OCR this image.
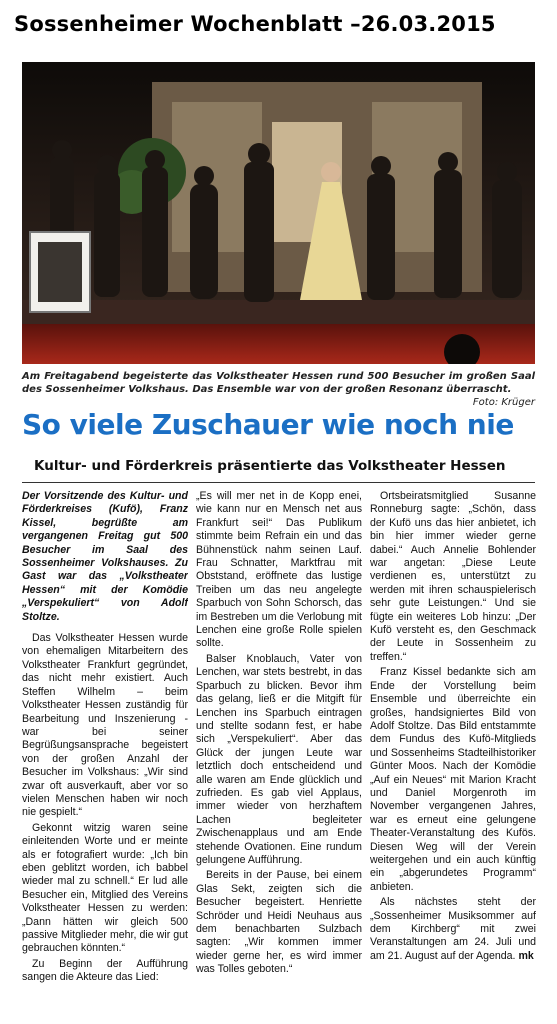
Sossenheimer Wochenblatt –26.03.2015
Am Freitagabend begeisterte das Volkstheater Hessen rund 500 Besucher im großen Saal des Sossenheimer Volkshaus. Das Ensemble war von der großen Resonanz überrascht.
Foto: Krüger
So viele Zuschauer wie noch nie
Kultur- und Förderkreis präsentierte das Volkstheater Hessen

Der Vorsitzende des Kultur- und Förderkreises (Kufö), Franz Kissel, begrüßte am vergangenen Freitag gut 500 Besucher im Saal des Sossenheimer Volkshauses. Zu Gast war das „Volkstheater Hessen“ mit der Komödie „Verspekuliert“ von Adolf Stoltze.

Das Volkstheater Hessen wurde von ehemaligen Mitarbeitern des Volkstheater Frankfurt gegründet, das nicht mehr existiert. Auch Steffen Wilhelm – beim Volkstheater Hessen zuständig für Bearbeitung und Inszenierung - war bei seiner Begrüßungsansprache begeistert von der großen Anzahl der Besucher im Volkshaus: „Wir sind zwar oft ausverkauft, aber vor so vielen Menschen haben wir noch nie gespielt.“

Gekonnt witzig waren seine einleitenden Worte und er meinte als er fotografiert wurde: „Ich bin eben geblitzt worden, ich babbel wieder mal zu schnell.“ Er lud alle Besucher ein, Mitglied des Vereins Volkstheater Hessen zu werden: „Dann hätten wir gleich 500 passive Mitglieder mehr, die wir gut gebrauchen könnten.“

Zu Beginn der Aufführung sangen die Akteure das Lied:

„Es will mer net in de Kopp enei, wie kann nur en Mensch net aus Frankfurt sei!“ Das Publikum stimmte beim Refrain ein und das Bühnenstück nahm seinen Lauf. Frau Schnatter, Marktfrau mit Obststand, eröffnete das lustige Treiben um das neu angelegte Sparbuch von Sohn Schorsch, das im Bestreben um die Verlobung mit Lenchen eine große Rolle spielen sollte.

Balser Knoblauch, Vater von Lenchen, war stets bestrebt, in das Sparbuch zu blicken. Bevor ihm das gelang, ließ er die Mitgift für Lenchen ins Sparbuch eintragen und stellte sodann fest, er habe sich „Verspekuliert“. Aber das Glück der jungen Leute war letztlich doch entscheidend und alle waren am Ende glücklich und zufrieden. Es gab viel Applaus, immer wieder von herzhaftem Lachen begleiteter Zwischenapplaus und am Ende stehende Ovationen. Eine rundum gelungene Aufführung.

Bereits in der Pause, bei einem Glas Sekt, zeigten sich die Besucher begeistert. Henriette Schröder und Heidi Neuhaus aus dem benachbarten Sulzbach sagten: „Wir kommen immer wieder gerne her, es wird immer was Tolles geboten.“

Ortsbeiratsmitglied Susanne Ronneburg sagte: „Schön, dass der Kufö uns das hier anbietet, ich bin hier immer wieder gerne dabei.“ Auch Annelie Bohlender war angetan: „Diese Leute verdienen es, unterstützt zu werden mit ihren schauspielerisch sehr gute Leistungen.“ Und sie fügte ein weiteres Lob hinzu: „Der Kufö versteht es, den Geschmack der Leute in Sossenheim zu treffen.“

Franz Kissel bedankte sich am Ende der Vorstellung beim Ensemble und überreichte ein großes, handsigniertes Bild von Adolf Stoltze. Das Bild entstammte dem Fundus des Kufö-Mitglieds und Sossenheims Stadteilhistoriker Günter Moos. Nach der Komödie „Auf ein Neues“ mit Marion Kracht und Daniel Morgenroth im November vergangenen Jahres, war es erneut eine gelungene Theater-Veranstaltung des Kufös. Diesen Weg will der Verein weitergehen und ein auch künftig ein „abgerundetes Programm“ anbieten.

Als nächstes steht der „Sossenheimer Musiksommer auf dem Kirchberg“ mit zwei Veranstaltungen am 24. Juli und am 21. August auf der Agenda. mk
